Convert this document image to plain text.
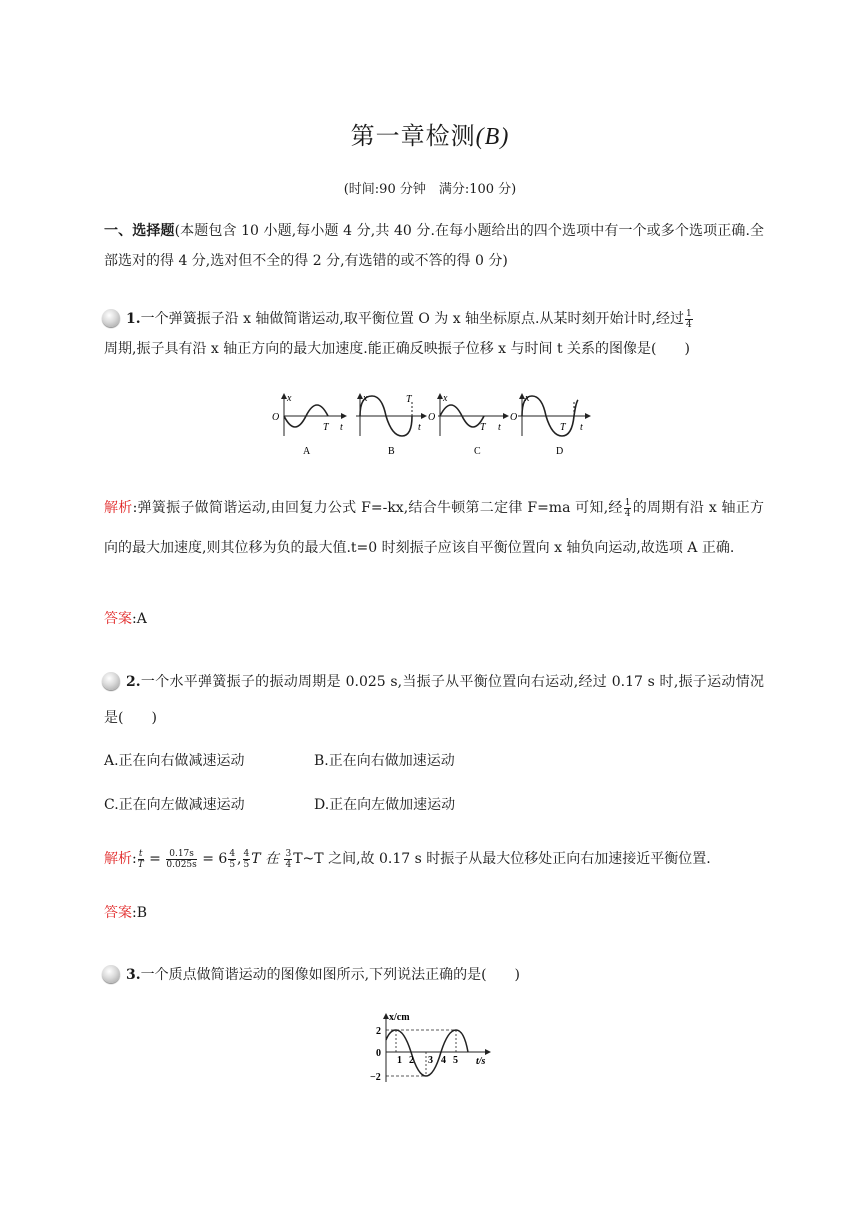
第一章检测(B)
(时间:90 分钟　满分:100 分)
一、选择题(本题包含 10 小题,每小题 4 分,共 40 分.在每小题给出的四个选项中有一个或多个选项正确.全部选对的得 4 分,选对但不全的得 2 分,有选错的或不答的得 0 分)
1.一个弹簧振子沿 x 轴做简谐运动,取平衡位置 O 为 x 轴坐标原点.从某时刻开始计时,经过 $\frac{1}{4}$

周期,振子具有沿 x 轴正方向的最大加速度.能正确反映振子位移 x 与时间 t 关系的图像是(　　)
x
O
T t
A
x	T
t
B
x
O
T t
C
x
O
T t
D
解析:弹簧振子做简谐运动,由回复力公式 F=-kx,结合牛顿第二定律 F=ma 可知,经 $\frac{1}{4}$ 的周期有沿 x 轴正方向的最大加速度,则其位移为负的最大值.t=0 时刻振子应该自平衡位置向 x 轴负向运动,故选项 A 正确.
答案:A
2.一个水平弹簧振子的振动周期是 0.025 s,当振子从平衡位置向右运动,经过 0.17 s 时,振子运动情况是(　　)
A.正在向右做减速运动	B.正在向右做加速运动
C.正在向左做减速运动	D.正在向左做加速运动
解析: $\frac{t}{T} = \frac{0.17s}{0.025s} = 6 \frac{4}{5}$ , $\frac{4}{5}$ T 在 $\frac{3}{4}$ T~T 之间,故 0.17 s 时振子从最大位移处正向右加速接近平衡位置.
答案:B
3.一个质点做简谐运动的图像如图所示,下列说法正确的是(　　)
x/cm
t/s
2
0
−2
1 2 3 4 5
